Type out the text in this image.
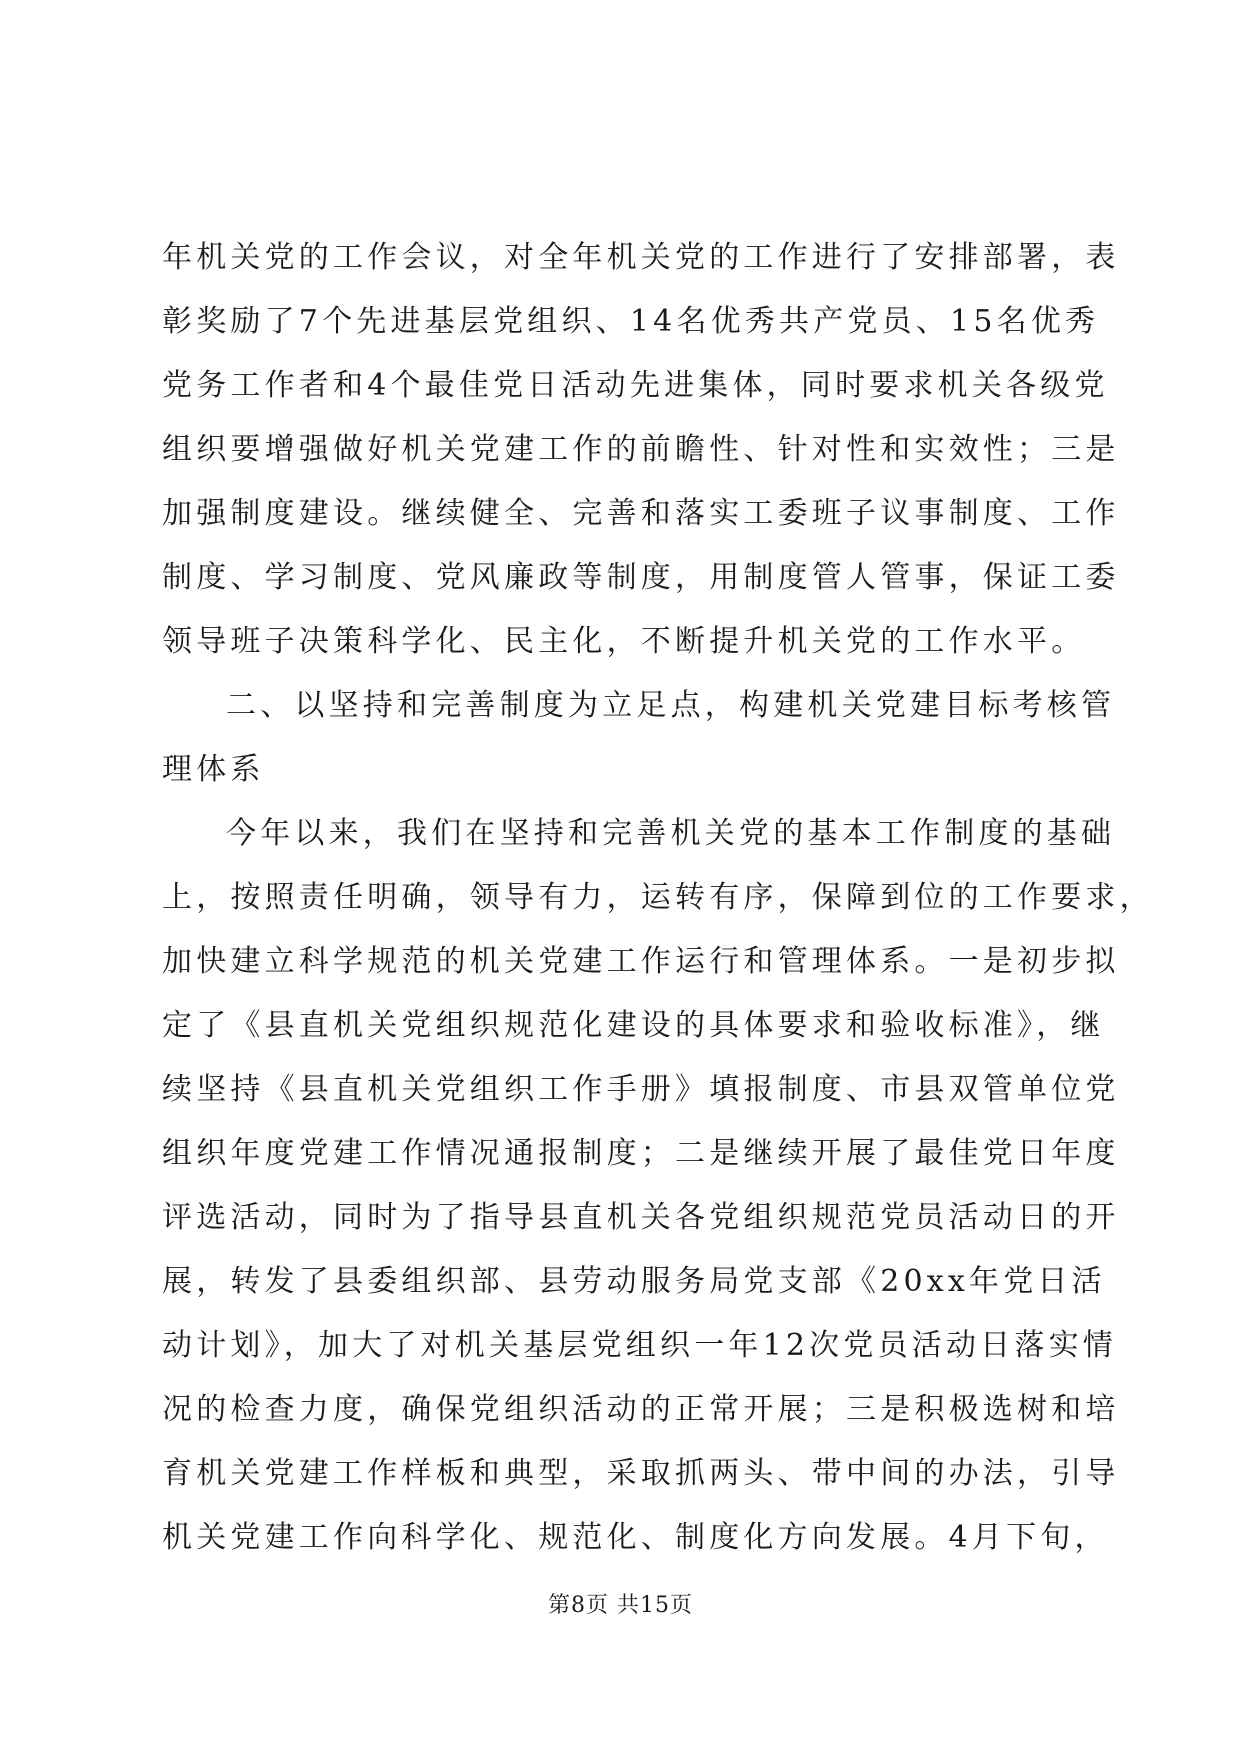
年机关党的工作会议，对全年机关党的工作进行了安排部署，表
彰奖励了7个先进基层党组织、14名优秀共产党员、15名优秀
党务工作者和4个最佳党日活动先进集体，同时要求机关各级党
组织要增强做好机关党建工作的前瞻性、针对性和实效性；三是
加强制度建设。继续健全、完善和落实工委班子议事制度、工作
制度、学习制度、党风廉政等制度，用制度管人管事，保证工委
领导班子决策科学化、民主化，不断提升机关党的工作水平。
二、以坚持和完善制度为立足点，构建机关党建目标考核管
理体系
今年以来，我们在坚持和完善机关党的基本工作制度的基础
上，按照责任明确，领导有力，运转有序，保障到位的工作要求，
加快建立科学规范的机关党建工作运行和管理体系。一是初步拟
定了《县直机关党组织规范化建设的具体要求和验收标准》，继
续坚持《县直机关党组织工作手册》填报制度、市县双管单位党
组织年度党建工作情况通报制度；二是继续开展了最佳党日年度
评选活动，同时为了指导县直机关各党组织规范党员活动日的开
展，转发了县委组织部、县劳动服务局党支部《20xx年党日活
动计划》，加大了对机关基层党组织一年12次党员活动日落实情
况的检查力度，确保党组织活动的正常开展；三是积极选树和培
育机关党建工作样板和典型，采取抓两头、带中间的办法，引导
机关党建工作向科学化、规范化、制度化方向发展。4月下旬，
第8页 共15页
